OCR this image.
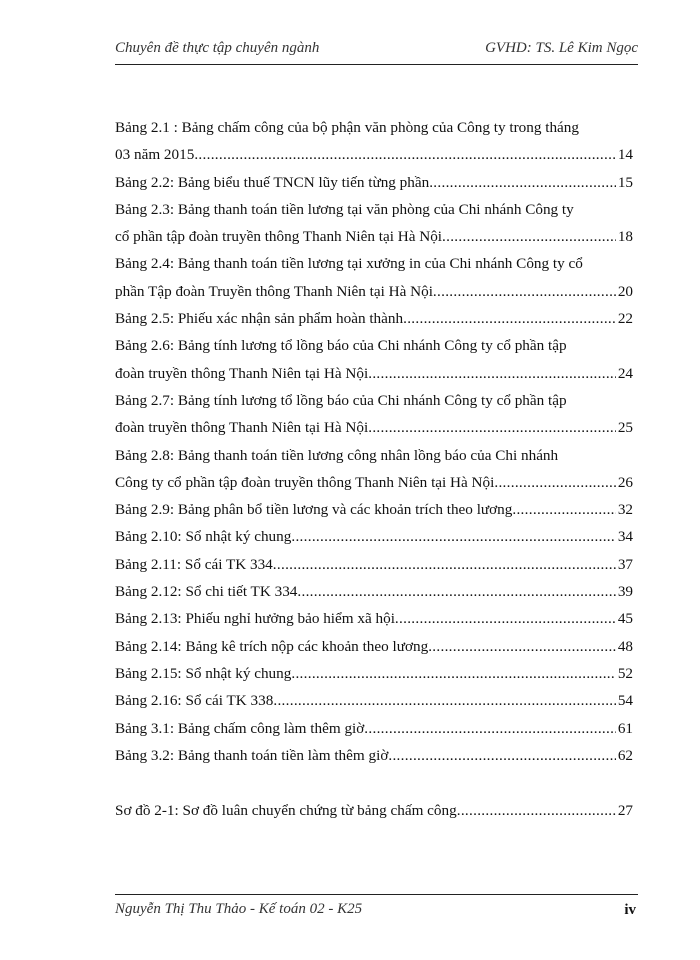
Chuyên đề thực tập chuyên ngành	GVHD: TS. Lê Kim Ngọc
Bảng 2.1 : Bảng chấm công của bộ phận văn phòng của Công ty trong tháng
03 năm 2015 .....	14
Bảng 2.2: Bảng biểu thuế TNCN lũy tiến từng phần .....	15
Bảng 2.3: Bảng thanh toán tiền lương tại văn phòng của Chi nhánh Công ty
cổ phần tập đoàn truyền thông Thanh Niên tại Hà Nội .....	18
Bảng 2.4: Bảng thanh toán tiền lương tại xưởng in của Chi nhánh Công ty cổ
phần Tập đoàn Truyền thông Thanh Niên tại Hà Nội .....	20
Bảng 2.5: Phiếu xác nhận sản phẩm hoàn thành .....	22
Bảng 2.6: Bảng tính lương tổ lồng báo của Chi nhánh Công ty cổ phần tập
đoàn truyền thông Thanh Niên tại Hà Nội .....	24
Bảng 2.7: Bảng tính lương tổ lồng báo của Chi nhánh Công ty cổ phần tập
đoàn truyền thông Thanh Niên tại Hà Nội .....	25
Bảng 2.8: Bảng thanh toán tiền lương công nhân lồng báo của Chi nhánh
Công ty cổ phần tập đoàn truyền thông Thanh Niên tại Hà Nội .....	26
Bảng 2.9: Bảng phân bổ tiền lương và các khoản trích theo lương .....	32
Bảng 2.10: Sổ nhật ký chung .....	34
Bảng 2.11: Sổ cái TK 334 .....	37
Bảng 2.12: Sổ chi tiết TK 334 .....	39
Bảng 2.13: Phiếu nghỉ hưởng bảo hiểm xã hội .....	45
Bảng 2.14: Bảng kê trích nộp các khoản theo lương .....	48
Bảng 2.15: Sổ nhật ký chung .....	52
Bảng 2.16: Sổ cái TK 338 .....	54
Bảng 3.1: Bảng chấm công làm thêm giờ .....	61
Bảng 3.2: Bảng thanh toán tiền làm thêm giờ .....	62
Sơ đồ 2-1: Sơ đồ luân chuyển chứng từ bảng chấm công .....	27
Nguyễn Thị Thu Thảo - Kế toán 02 - K25	iv
